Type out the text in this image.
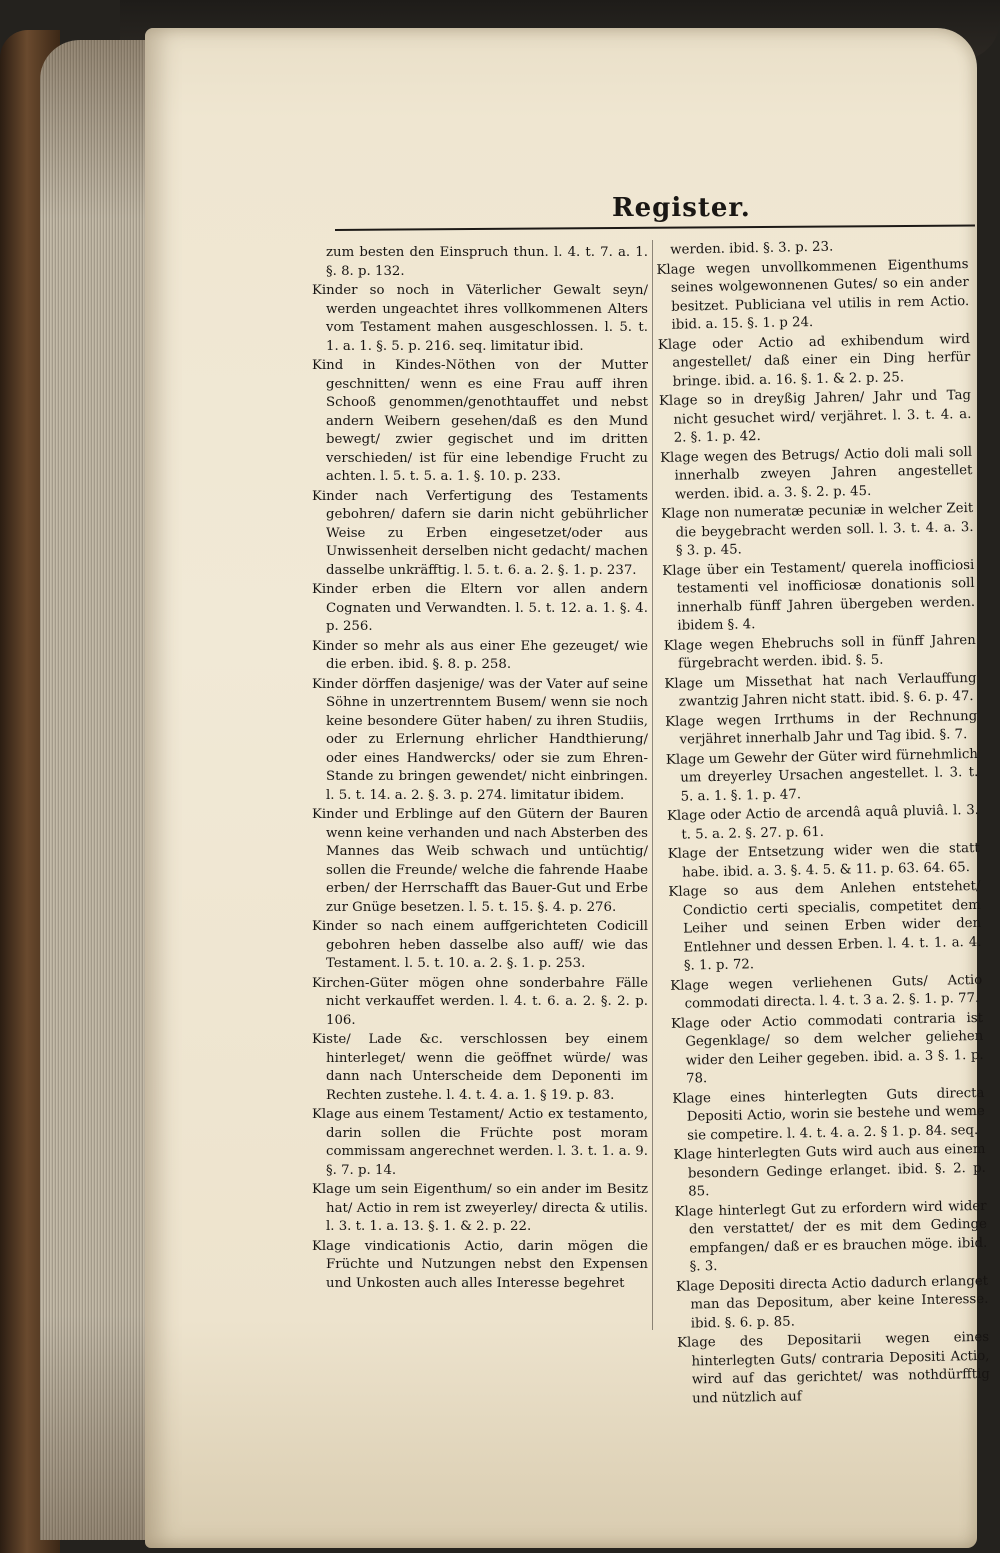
Register.

zum besten den Einspruch thun. l. 4. t. 7. a. 1. §. 8. p. 132.

Kinder so noch in Väterlicher Gewalt seyn/ werden ungeachtet ihres vollkommenen Alters vom Testament mahen ausgeschlossen. l. 5. t. 1. a. 1. §. 5. p. 216. seq. limitatur ibid.

Kind in Kindes-Nöthen von der Mutter geschnitten/ wenn es eine Frau auff ihren Schooß genommen/genothtauffet und nebst andern Weibern gesehen/daß es den Mund bewegt/ zwier gegischet und im dritten verschieden/ ist für eine lebendige Frucht zu achten. l. 5. t. 5. a. 1. §. 10. p. 233.

Kinder nach Verfertigung des Testaments gebohren/ dafern sie darin nicht gebührlicher Weise zu Erben eingesetzet/oder aus Unwissenheit derselben nicht gedacht/ machen dasselbe unkräfftig. l. 5. t. 6. a. 2. §. 1. p. 237.

Kinder erben die Eltern vor allen andern Cognaten und Verwandten. l. 5. t. 12. a. 1. §. 4. p. 256.

Kinder so mehr als aus einer Ehe gezeuget/ wie die erben. ibid. §. 8. p. 258.

Kinder dörffen dasjenige/ was der Vater auf seine Söhne in unzertrenntem Busem/ wenn sie noch keine besondere Güter haben/ zu ihren Studiis, oder zu Erlernung ehrlicher Handthierung/ oder eines Handwercks/ oder sie zum Ehren-Stande zu bringen gewendet/ nicht einbringen. l. 5. t. 14. a. 2. §. 3. p. 274. limitatur ibidem.

Kinder und Erblinge auf den Gütern der Bauren wenn keine verhanden und nach Absterben des Mannes das Weib schwach und untüchtig/ sollen die Freunde/ welche die fahrende Haabe erben/ der Herrschafft das Bauer-Gut und Erbe zur Gnüge besetzen. l. 5. t. 15. §. 4. p. 276.

Kinder so nach einem auffgerichteten Codicill gebohren heben dasselbe also auff/ wie das Testament. l. 5. t. 10. a. 2. §. 1. p. 253.

Kirchen-Güter mögen ohne sonderbahre Fälle nicht verkauffet werden. l. 4. t. 6. a. 2. §. 2. p. 106.

Kiste/ Lade &c. verschlossen bey einem hinterleget/ wenn die geöffnet würde/ was dann nach Unterscheide dem Deponenti im Rechten zustehe. l. 4. t. 4. a. 1. § 19. p. 83.

Klage aus einem Testament/ Actio ex testamento, darin sollen die Früchte post moram commissam angerechnet werden. l. 3. t. 1. a. 9. §. 7. p. 14.

Klage um sein Eigenthum/ so ein ander im Besitz hat/ Actio in rem ist zweyerley/ directa & utilis. l. 3. t. 1. a. 13. §. 1. & 2. p. 22.

Klage vindicationis Actio, darin mögen die Früchte und Nutzungen nebst den Expensen und Unkosten auch alles Interesse begehret

werden. ibid. §. 3. p. 23.

Klage wegen unvollkommenen Eigenthums seines wolgewonnenen Gutes/ so ein ander besitzet. Publiciana vel utilis in rem Actio. ibid. a. 15. §. 1. p 24.

Klage oder Actio ad exhibendum wird angestellet/ daß einer ein Ding herfür bringe. ibid. a. 16. §. 1. & 2. p. 25.

Klage so in dreyßig Jahren/ Jahr und Tag nicht gesuchet wird/ verjähret. l. 3. t. 4. a. 2. §. 1. p. 42.

Klage wegen des Betrugs/ Actio doli mali soll innerhalb zweyen Jahren angestellet werden. ibid. a. 3. §. 2. p. 45.

Klage non numeratæ pecuniæ in welcher Zeit die beygebracht werden soll. l. 3. t. 4. a. 3. § 3. p. 45.

Klage über ein Testament/ querela inofficiosi testamenti vel inofficiosæ donationis soll innerhalb fünff Jahren übergeben werden. ibidem §. 4.

Klage wegen Ehebruchs soll in fünff Jahren fürgebracht werden. ibid. §. 5.

Klage um Missethat hat nach Verlauffung zwantzig Jahren nicht statt. ibid. §. 6. p. 47.

Klage wegen Irrthums in der Rechnung verjähret innerhalb Jahr und Tag ibid. §. 7.

Klage um Gewehr der Güter wird fürnehmlich um dreyerley Ursachen angestellet. l. 3. t. 5. a. 1. §. 1. p. 47.

Klage oder Actio de arcendâ aquâ pluviâ. l. 3. t. 5. a. 2. §. 27. p. 61.

Klage der Entsetzung wider wen die statt habe. ibid. a. 3. §. 4. 5. & 11. p. 63. 64. 65.

Klage so aus dem Anlehen entstehet/ Condictio certi specialis, competitet dem Leiher und seinen Erben wider den Entlehner und dessen Erben. l. 4. t. 1. a. 4. §. 1. p. 72.

Klage wegen verliehenen Guts/ Actio commodati directa. l. 4. t. 3 a. 2. §. 1. p. 77.

Klage oder Actio commodati contraria ist Gegenklage/ so dem welcher geliehen wider den Leiher gegeben. ibid. a. 3 §. 1. p. 78.

Klage eines hinterlegten Guts directa Depositi Actio, worin sie bestehe und weme sie competire. l. 4. t. 4. a. 2. § 1. p. 84. seq.

Klage hinterlegten Guts wird auch aus einem besondern Gedinge erlanget. ibid. §. 2. p. 85.

Klage hinterlegt Gut zu erfordern wird wider den verstattet/ der es mit dem Gedinge empfangen/ daß er es brauchen möge. ibid. §. 3.

Klage Depositi directa Actio dadurch erlanget man das Depositum, aber keine Interesse. ibid. §. 6. p. 85.

Klage des Depositarii wegen eines hinterlegten Guts/ contraria Depositi Actio, wird auf das gerichtet/ was nothdürfftig und nützlich auf
